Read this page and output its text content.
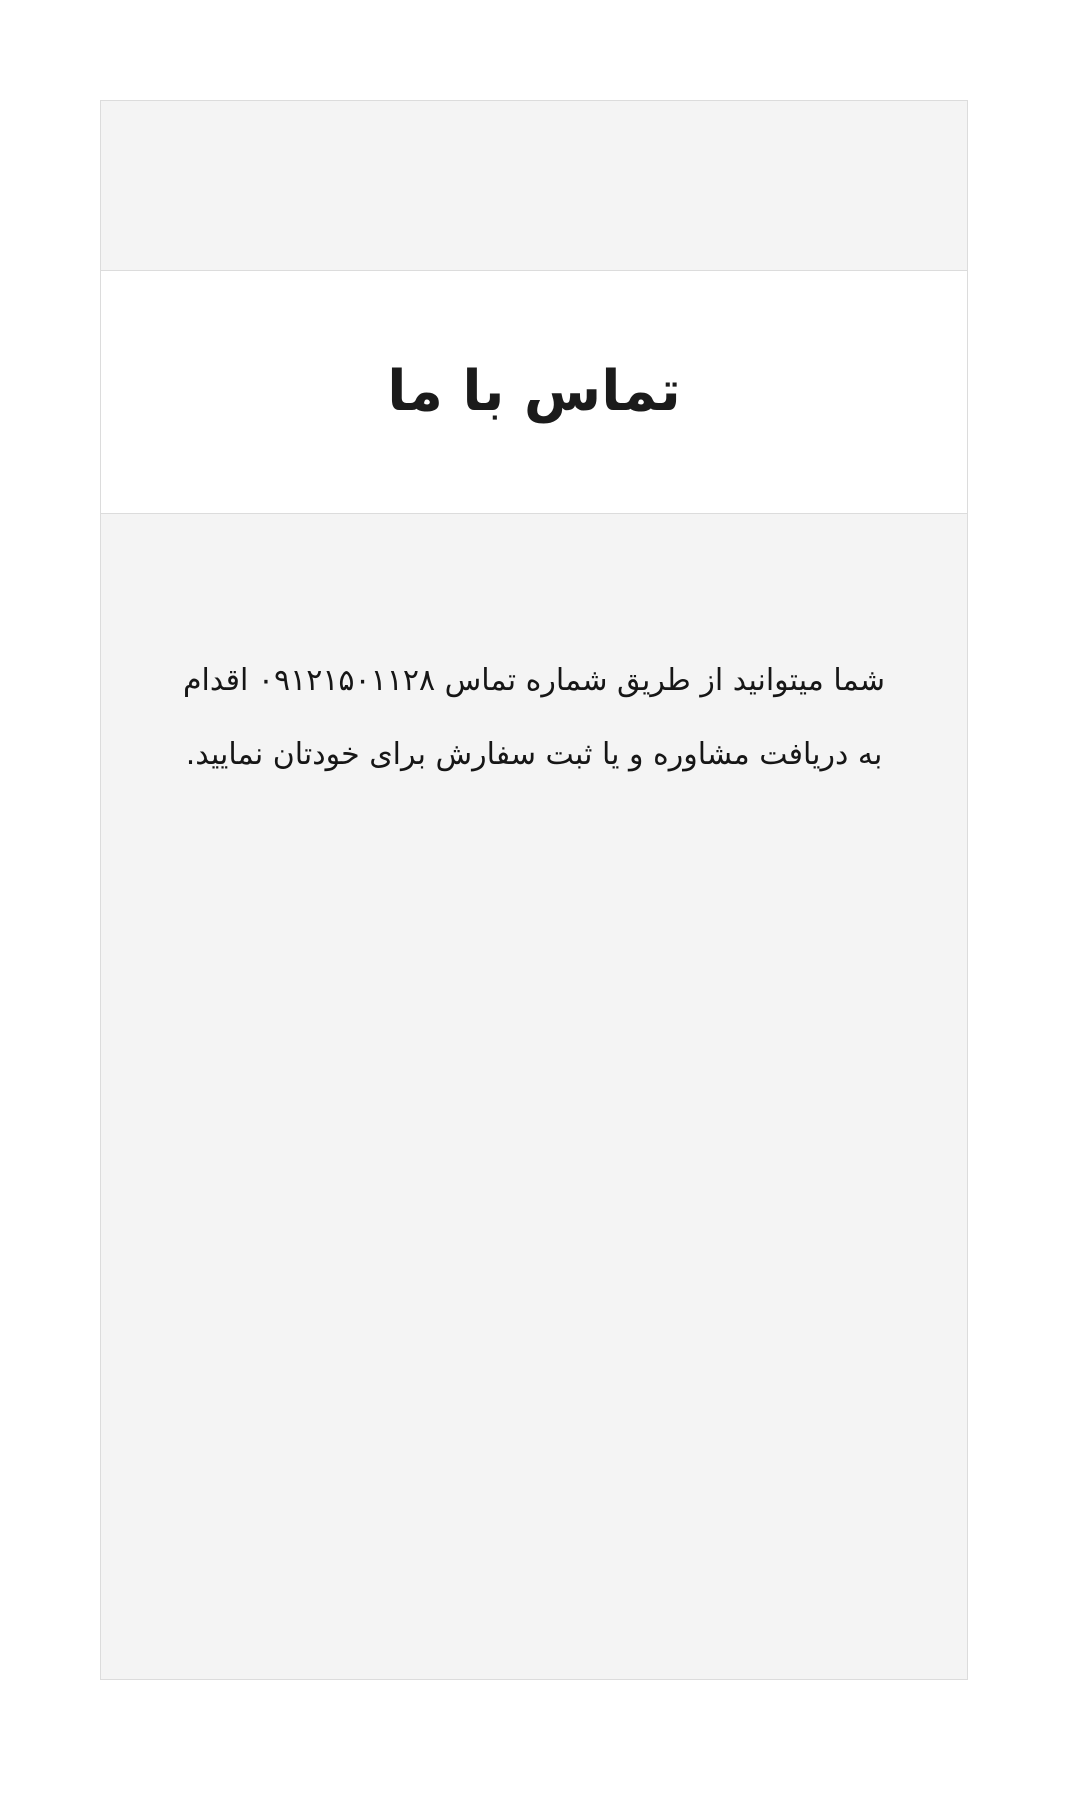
تماس با ما

شما میتوانید از طریق شماره تماس ۰۹۱۲۱۵۰۱۱۲۸ اقدام به دریافت مشاوره و یا ثبت سفارش برای خودتان نمایید.
